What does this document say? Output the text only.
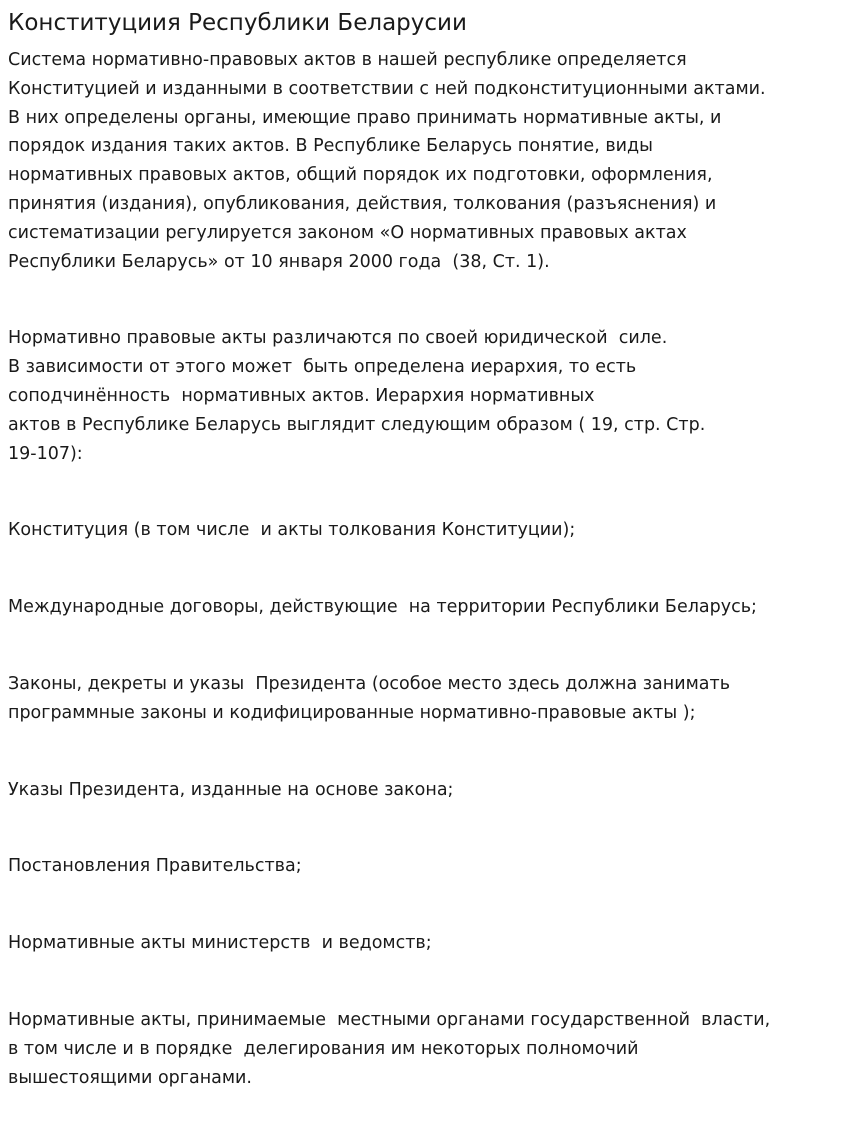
Конституциия Республики Беларусии

Система нормативно-правовых актов в нашей республике определяется
Конституцией и изданными в соответствии с ней подконституционными актами.
В них определены органы, имеющие право принимать нормативные акты, и
порядок издания таких актов. В Республике Беларусь понятие, виды
нормативных правовых актов, общий порядок их подготовки, оформления,
принятия (издания), опубликования, действия, толкования (разъяснения) и
систематизации регулируется законом «О нормативных правовых актах
Республики Беларусь» от 10 января 2000 года  (38, Ст. 1).

Нормативно правовые акты различаются по своей юридической  силе.
В зависимости от этого может  быть определена иерархия, то есть
соподчинённость  нормативных актов. Иерархия нормативных
актов в Республике Беларусь выглядит следующим образом ( 19, стр. Стр.
19-107):

Конституция (в том числе  и акты толкования Конституции);

Международные договоры, действующие  на территории Республики Беларусь;

Законы, декреты и указы  Президента (особое место здесь должна занимать
программные законы и кодифицированные нормативно-правовые акты );

Указы Президента, изданные на основе закона;

Постановления Правительства;

Нормативные акты министерств  и ведомств;

Нормативные акты, принимаемые  местными органами государственной  власти,
в том числе и в порядке  делегирования им некоторых полномочий
вышестоящими органами.
